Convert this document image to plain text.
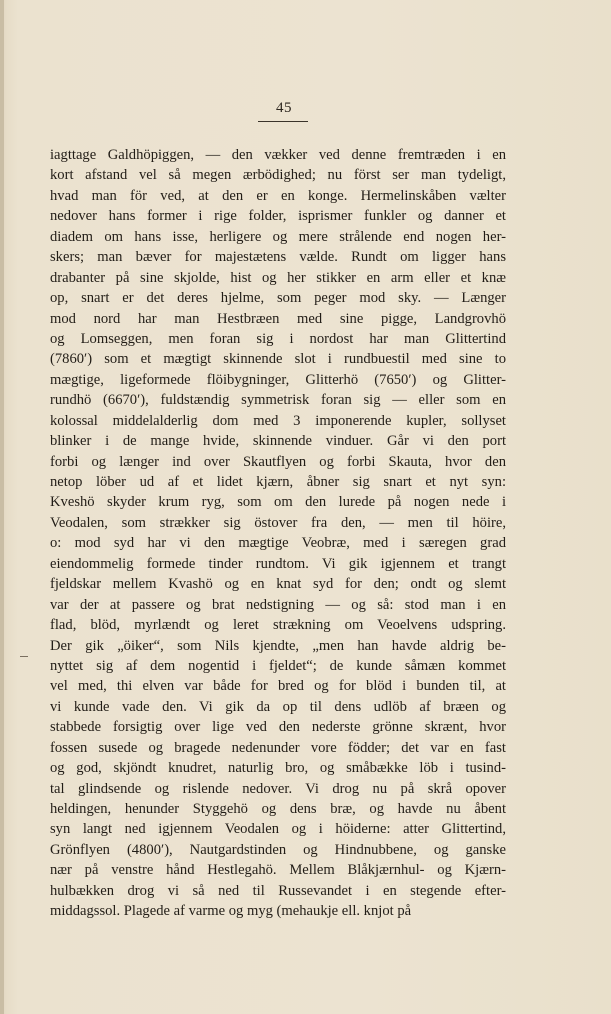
45
iagttage Galdhöpiggen, — den vækker ved denne fremtræden i en
kort afstand vel så megen ærbödighed; nu först ser man tydeligt,
hvad man för ved, at den er en konge. Hermelinskåben vælter
nedover hans former i rige folder, isprismer funkler og danner et
diadem om hans isse, herligere og mere strålende end nogen her-
skers; man bæver for majestætens vælde. Rundt om ligger hans
drabanter på sine skjolde, hist og her stikker en arm eller et knæ
op, snart er det deres hjelme, som peger mod sky. — Længer
mod nord har man Hestbræen med sine pigge, Landgrovhö
og Lomseggen, men foran sig i nordost har man Glittertind
(7860′) som et mægtigt skinnende slot i rundbuestil med sine to
mægtige, ligeformede flöibygninger, Glitterhö (7650′) og Glitter-
rundhö (6670′), fuldstændig symmetrisk foran sig — eller som en
kolossal middelalderlig dom med 3 imponerende kupler, sollyset
blinker i de mange hvide, skinnende vinduer. Går vi den port
forbi og længer ind over Skautflyen og forbi Skauta, hvor den
netop löber ud af et lidet kjærn, åbner sig snart et nyt syn:
Kveshö skyder krum ryg, som om den lurede på nogen nede i
Veodalen, som strækker sig östover fra den, — men til höire,
o: mod syd har vi den mægtige Veobræ, med i særegen grad
eiendommelig formede tinder rundtom. Vi gik igjennem et trangt
fjeldskar mellem Kvashö og en knat syd for den; ondt og slemt
var der at passere og brat nedstigning — og så: stod man i en
flad, blöd, myrlændt og leret strækning om Veoelvens udspring.
Der gik „öiker“, som Nils kjendte, „men han havde aldrig be-
nyttet sig af dem nogentid i fjeldet“; de kunde såmæn kommet
vel med, thi elven var både for bred og for blöd i bunden til, at
vi kunde vade den. Vi gik da op til dens udlöb af bræen og
stabbede forsigtig over lige ved den nederste grönne skrænt, hvor
fossen susede og bragede nedenunder vore födder; det var en fast
og god, skjöndt knudret, naturlig bro, og småbække löb i tusind-
tal glindsende og rislende nedover. Vi drog nu på skrå opover
heldingen, henunder Styggehö og dens bræ, og havde nu åbent
syn langt ned igjennem Veodalen og i höiderne: atter Glittertind,
Grönflyen (4800′), Nautgardstinden og Hindnubbene, og ganske
nær på venstre hånd Hestlegahö. Mellem Blåkjærnhul- og Kjærn-
hulbækken drog vi så ned til Russevandet i en stegende efter-
middagssol. Plagede af varme og myg (mehaukje ell. knjot på
